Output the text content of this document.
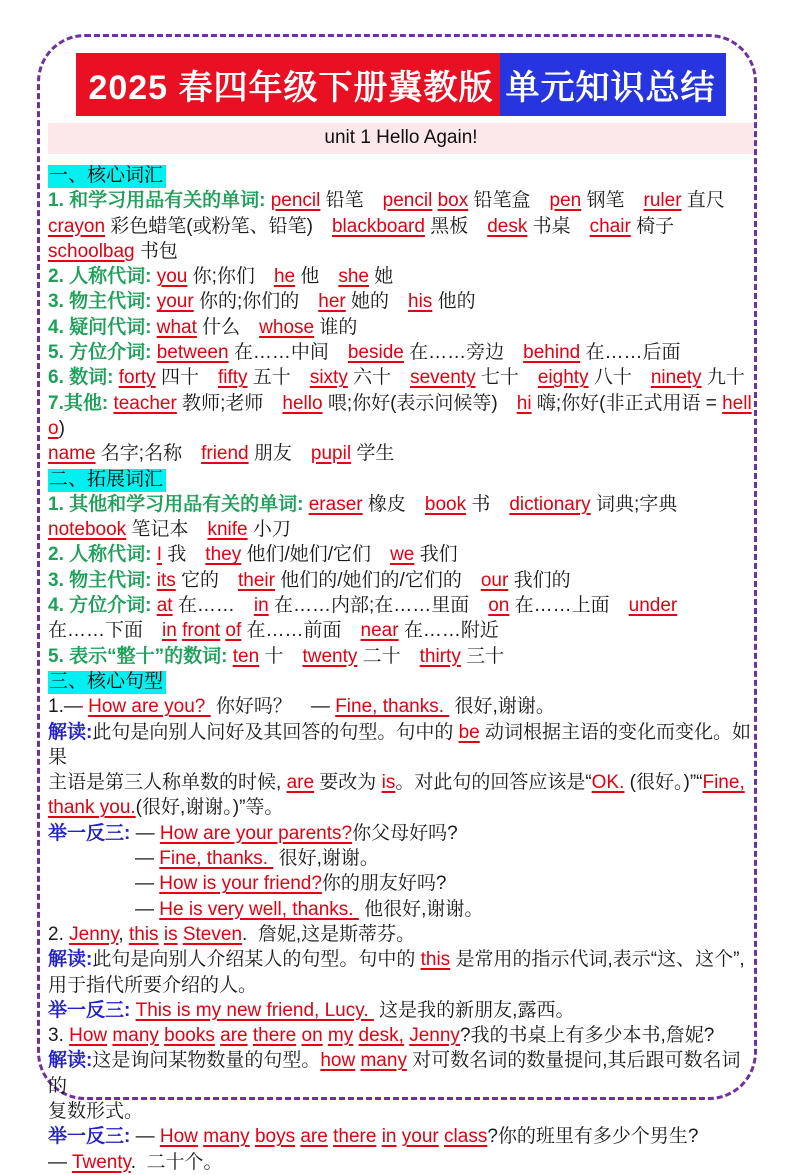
2025 春四年级下册冀教版 单元知识总结
unit 1 Hello Again!
一、核心词汇
1. 和学习用品有关的单词: pencil 铅笔　pencil box 铅笔盒　pen 钢笔　ruler 直尺
crayon 彩色蜡笔(或粉笔、铅笔)　blackboard 黑板　desk 书桌　chair 椅子
schoolbag 书包
2. 人称代词: you 你;你们　he 他　she 她
3. 物主代词: your 你的;你们的　her 她的　his 他的
4. 疑问代词: what 什么　whose 谁的
5. 方位介词: between 在……中间　beside 在……旁边　behind 在……后面
6. 数词: forty 四十　fifty 五十　sixty 六十　seventy 七十　eighty 八十　ninety 九十
7.其他: teacher 教师;老师　hello 喂;你好(表示问候等)　hi 嗨;你好(非正式用语 = hello)
name 名字;名称　friend 朋友　pupil 学生
二、拓展词汇
1. 其他和学习用品有关的单词: eraser 橡皮　book 书　dictionary 词典;字典
notebook 笔记本　knife 小刀
2. 人称代词: I 我　they 他们/她们/它们　we 我们
3. 物主代词: its 它的　their 他们的/她们的/它们的　our 我们的
4. 方位介词: at 在……　in 在……内部;在……里面　on 在……上面　under
在……下面　in front of 在……前面　near 在……附近
5. 表示“整十”的数词: ten 十　twenty 二十　thirty 三十
三、核心句型
1.— How are you?  你好吗？　— Fine, thanks.  很好,谢谢。
解读:此句是向别人问好及其回答的句型。句中的 be 动词根据主语的变化而变化。如果
主语是第三人称单数的时候, are 要改为 is。对此句的回答应该是“OK. (很好。)”“Fine,
thank you.(很好,谢谢。)”等。
举一反三: — How are your parents?你父母好吗?
— Fine, thanks.  很好,谢谢。
— How is your friend?你的朋友好吗?
— He is very well, thanks.  他很好,谢谢。
2. Jenny, this is Steven.  詹妮,这是斯蒂芬。
解读:此句是向别人介绍某人的句型。句中的 this 是常用的指示代词,表示“这、这个”,
用于指代所要介绍的人。
举一反三: This is my new friend, Lucy.  这是我的新朋友,露西。
3. How many books are there on my desk, Jenny?我的书桌上有多少本书,詹妮?
解读:这是询问某物数量的句型。how many 对可数名词的数量提问,其后跟可数名词的
复数形式。
举一反三: — How many boys are there in your class?你的班里有多少个男生?
— Twenty.  二十个。
